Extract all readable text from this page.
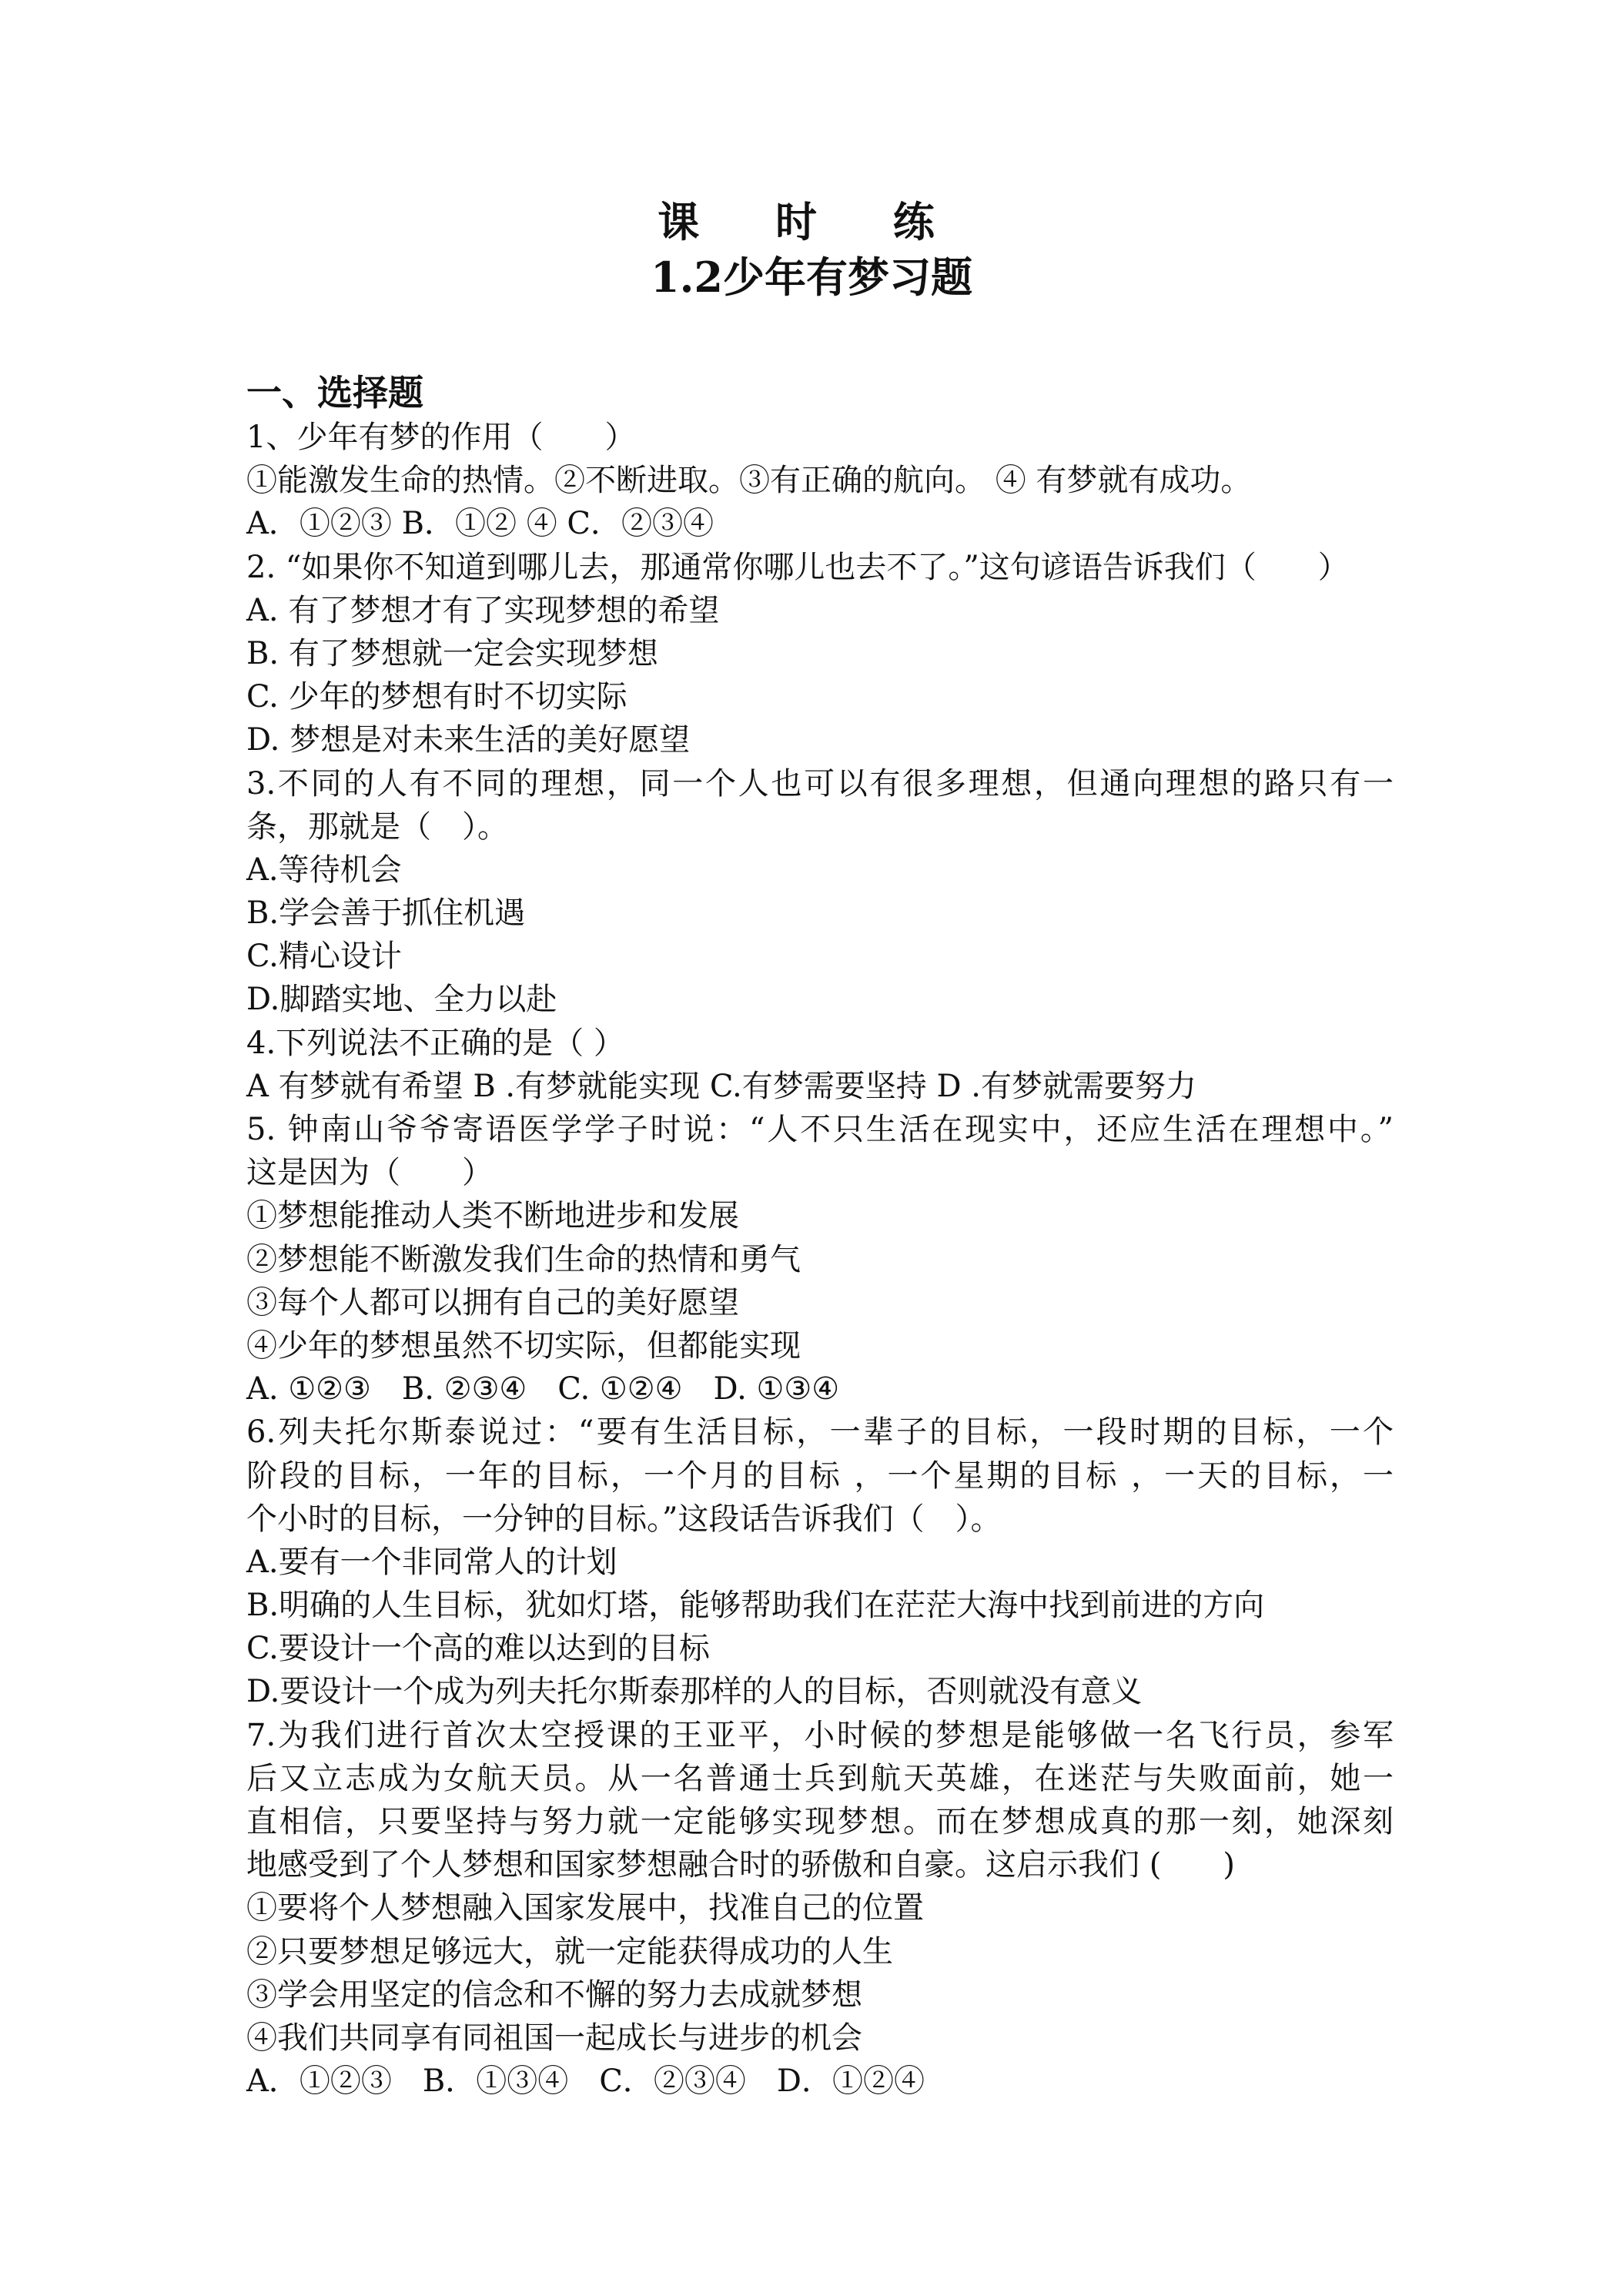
课 时 练
1.2少年有梦习题
一、选择题
1、少年有梦的作用（　　）
①能激发生命的热情。②不断进取。③有正确的航向。 ④ 有梦就有成功。
A．①②③ B．①② ④ C．②③④
2. “如果你不知道到哪儿去，那通常你哪儿也去不了。”这句谚语告诉我们（　　）
A. 有了梦想才有了实现梦想的希望
B. 有了梦想就一定会实现梦想
C. 少年的梦想有时不切实际
D. 梦想是对未来生活的美好愿望
3.不同的人有不同的理想，同一个人也可以有很多理想，但通向理想的路只有一
条，那就是（　）。
A.等待机会
B.学会善于抓住机遇
C.精心设计
D.脚踏实地、全力以赴
4.下列说法不正确的是（ ）
A 有梦就有希望 B .有梦就能实现 C.有梦需要坚持 D .有梦就需要努力
5. 钟南山爷爷寄语医学学子时说：“人不只生活在现实中，还应生活在理想中。”
这是因为（　　）
①梦想能推动人类不断地进步和发展
②梦想能不断激发我们生命的热情和勇气
③每个人都可以拥有自己的美好愿望
④少年的梦想虽然不切实际，但都能实现
A. ①②③　B. ②③④　C. ①②④　D. ①③④
6.列夫托尔斯泰说过：“要有生活目标，一辈子的目标，一段时期的目标，一个
阶段的目标，一年的目标，一个月的目标 ，一个星期的目标 ，一天的目标，一
个小时的目标，一分钟的目标。”这段话告诉我们（　）。
A.要有一个非同常人的计划
B.明确的人生目标，犹如灯塔，能够帮助我们在茫茫大海中找到前进的方向
C.要设计一个高的难以达到的目标
D.要设计一个成为列夫托尔斯泰那样的人的目标，否则就没有意义
7.为我们进行首次太空授课的王亚平，小时候的梦想是能够做一名飞行员，参军
后又立志成为女航天员。从一名普通士兵到航天英雄，在迷茫与失败面前，她一
直相信，只要坚持与努力就一定能够实现梦想。而在梦想成真的那一刻，她深刻
地感受到了个人梦想和国家梦想融合时的骄傲和自豪。这启示我们 (　　)
①要将个人梦想融入国家发展中，找准自己的位置
②只要梦想足够远大，就一定能获得成功的人生
③学会用坚定的信念和不懈的努力去成就梦想
④我们共同享有同祖国一起成长与进步的机会
A．①②③　B．①③④　C．②③④　D．①②④
